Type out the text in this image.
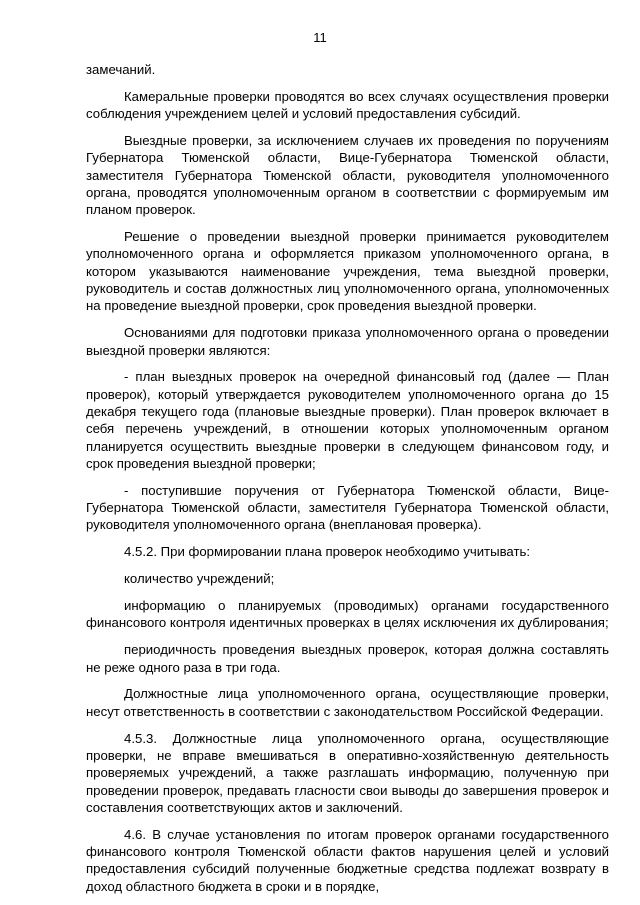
11

замечаний.

Камеральные проверки проводятся во всех случаях осуществления проверки соблюдения учреждением целей и условий предоставления субсидий.

Выездные проверки, за исключением случаев их проведения по поручениям Губернатора Тюменской области, Вице-Губернатора Тюменской области, заместителя Губернатора Тюменской области, руководителя уполномоченного органа, проводятся уполномоченным органом в соответствии с формируемым им планом проверок.

Решение о проведении выездной проверки принимается руководителем уполномоченного органа и оформляется приказом уполномоченного органа, в котором указываются наименование учреждения, тема выездной проверки, руководитель и состав должностных лиц уполномоченного органа, уполномоченных на проведение выездной проверки, срок проведения выездной проверки.

Основаниями для подготовки приказа уполномоченного органа о проведении выездной проверки являются:

- план выездных проверок на очередной финансовый год (далее — План проверок), который утверждается руководителем уполномоченного органа до 15 декабря текущего года (плановые выездные проверки). План проверок включает в себя перечень учреждений, в отношении которых уполномоченным органом планируется осуществить выездные проверки в следующем финансовом году, и срок проведения выездной проверки;

- поступившие поручения от Губернатора Тюменской области, Вице-Губернатора Тюменской области, заместителя Губернатора Тюменской области, руководителя уполномоченного органа (внеплановая проверка).

4.5.2. При формировании плана проверок необходимо учитывать:

количество учреждений;

информацию о планируемых (проводимых) органами государственного финансового контроля идентичных проверках в целях исключения их дублирования;

периодичность проведения выездных проверок, которая должна составлять не реже одного раза в три года.

Должностные лица уполномоченного органа, осуществляющие проверки, несут ответственность в соответствии с законодательством Российской Федерации.

4.5.3. Должностные лица уполномоченного органа, осуществляющие проверки, не вправе вмешиваться в оперативно-хозяйственную деятельность проверяемых учреждений, а также разглашать информацию, полученную при проведении проверок, предавать гласности свои выводы до завершения проверок и составления соответствующих актов и заключений.

4.6. В случае установления по итогам проверок органами государственного финансового контроля Тюменской области фактов нарушения целей и условий предоставления субсидий полученные бюджетные средства подлежат возврату в доход областного бюджета в сроки и в порядке,
